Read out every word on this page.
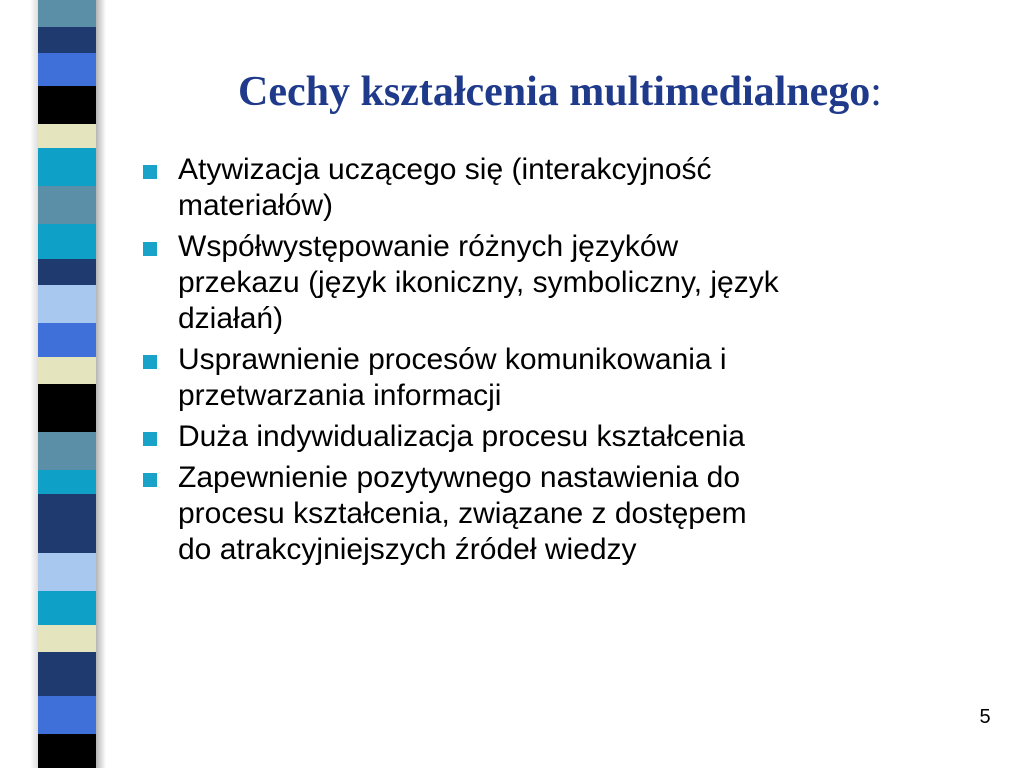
Cechy kształcenia multimedialnego:
Atywizacja uczącego się (interakcyjność
materiałów)
Współwystępowanie różnych języków
przekazu (język ikoniczny, symboliczny, język
działań)
Usprawnienie procesów komunikowania i
przetwarzania informacji
Duża indywidualizacja procesu kształcenia
Zapewnienie pozytywnego nastawienia do
procesu kształcenia, związane z dostępem
do atrakcyjniejszych źródeł wiedzy
5
